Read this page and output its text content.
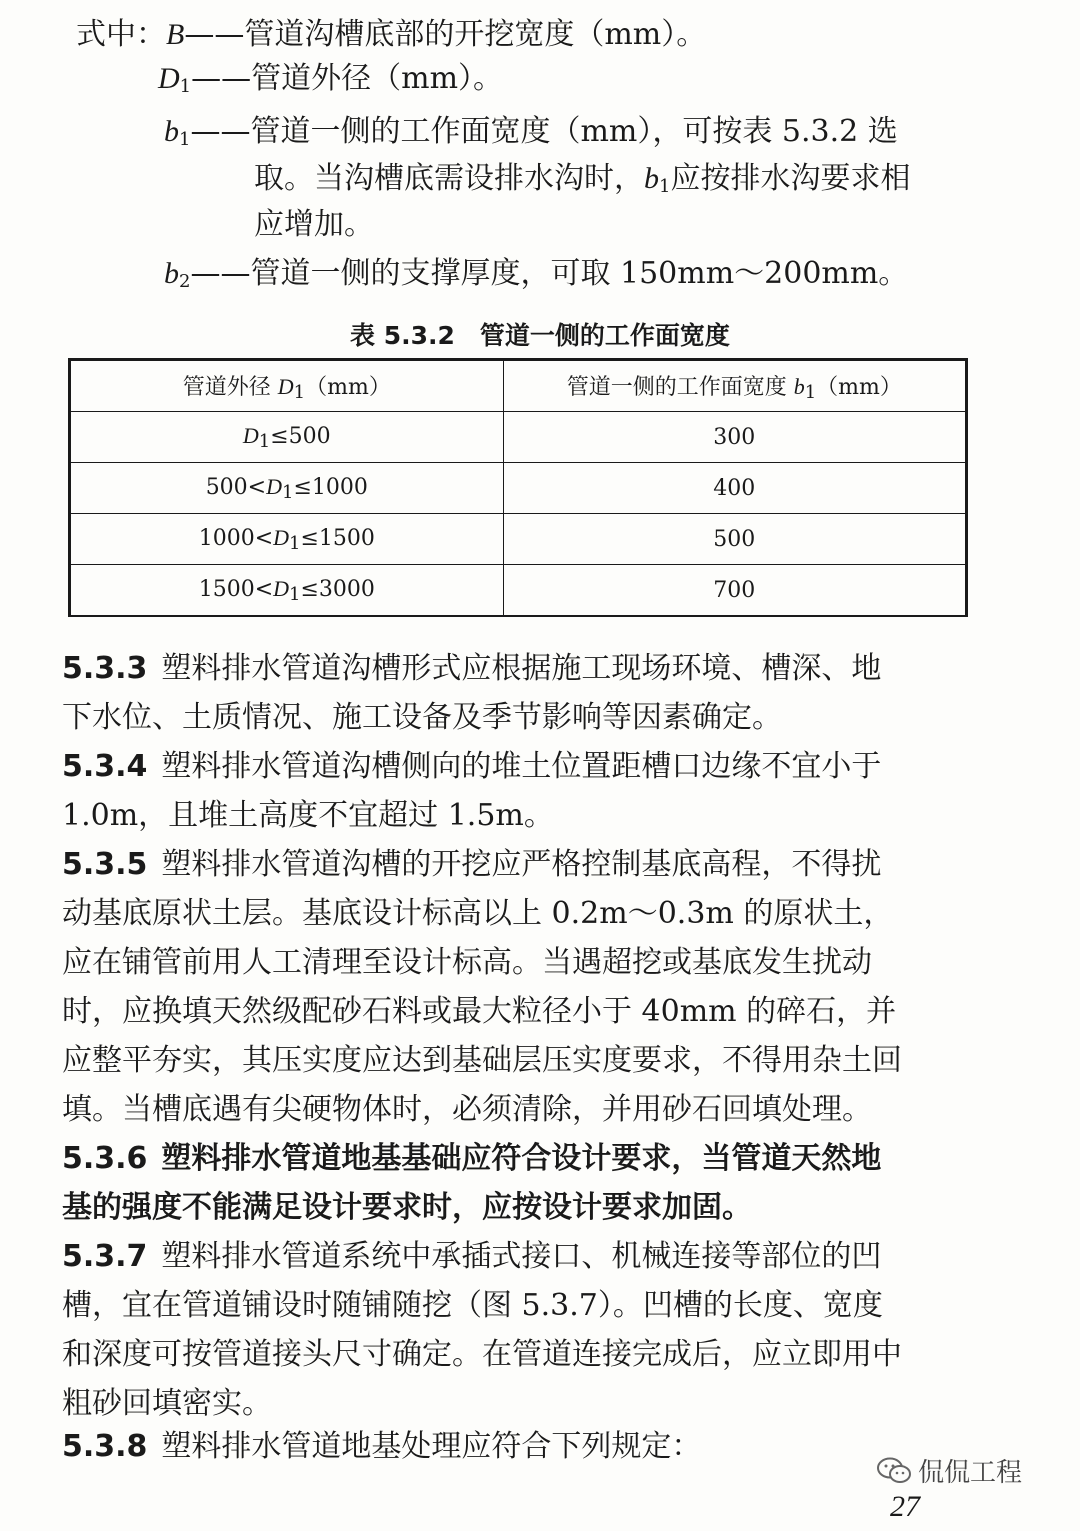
式中：B——管道沟槽底部的开挖宽度（mm）。
$D_1——$管道外径（mm）。
$b_1——$管道一侧的工作面宽度（mm），可按表 5.3.2 选
取。当沟槽底需设排水沟时，$b_1$应按排水沟要求相
应增加。
$b_2——$管道一侧的支撑厚度，可取 150mm～200mm。
表 5.3.2　管道一侧的工作面宽度
管道外径 $D_1(mm)$	管道一侧的工作面宽度 $b_1(mm)$
$D_1\le 500$	300
$500<D_1\le 1000$	400
$1000<D_1\le 1500$	500
$1500<D_1\le 3000$	700
5.3.3 塑料排水管道沟槽形式应根据施工现场环境、槽深、地
下水位、土质情况、施工设备及季节影响等因素确定。
5.3.4 塑料排水管道沟槽侧向的堆土位置距槽口边缘不宜小于
1.0m，且堆土高度不宜超过 1.5m。
5.3.5 塑料排水管道沟槽的开挖应严格控制基底高程，不得扰
动基底原状土层。基底设计标高以上 0.2m～0.3m 的原状土，
应在铺管前用人工清理至设计标高。当遇超挖或基底发生扰动
时，应换填天然级配砂石料或最大粒径小于 40mm 的碎石，并
应整平夯实，其压实度应达到基础层压实度要求，不得用杂土回
填。当槽底遇有尖硬物体时，必须清除，并用砂石回填处理。
5.3.6 塑料排水管道地基基础应符合设计要求，当管道天然地
基的强度不能满足设计要求时，应按设计要求加固。
5.3.7 塑料排水管道系统中承插式接口、机械连接等部位的凹
槽，宜在管道铺设时随铺随挖（图 5.3.7）。凹槽的长度、宽度
和深度可按管道接头尺寸确定。在管道连接完成后，应立即用中
粗砂回填密实。
5.3.8 塑料排水管道地基处理应符合下列规定：
侃侃工程
27
